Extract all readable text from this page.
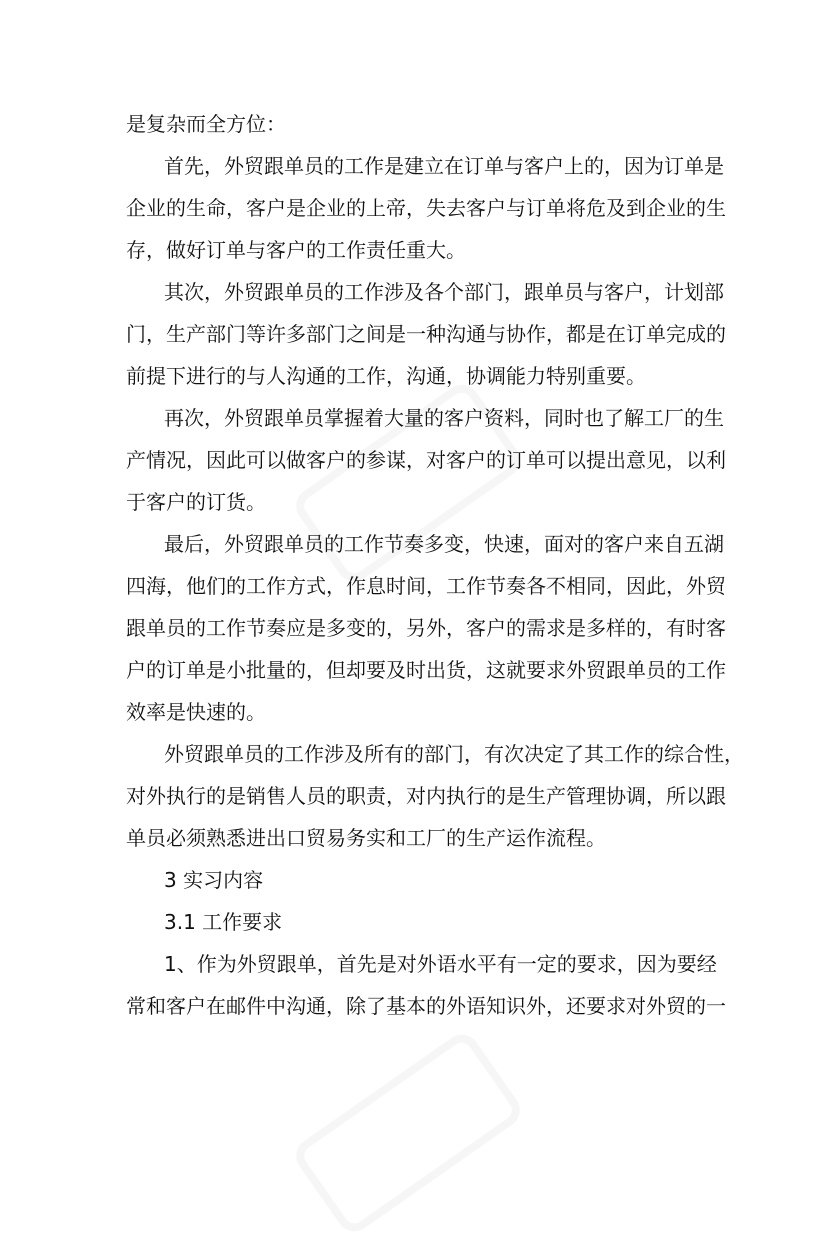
是复杂而全方位：
首先，外贸跟单员的工作是建立在订单与客户上的，因为订单是
企业的生命，客户是企业的上帝，失去客户与订单将危及到企业的生
存，做好订单与客户的工作责任重大。
其次，外贸跟单员的工作涉及各个部门，跟单员与客户，计划部
门，生产部门等许多部门之间是一种沟通与协作，都是在订单完成的
前提下进行的与人沟通的工作，沟通，协调能力特别重要。
再次，外贸跟单员掌握着大量的客户资料，同时也了解工厂的生
产情况，因此可以做客户的参谋，对客户的订单可以提出意见，以利
于客户的订货。
最后，外贸跟单员的工作节奏多变，快速，面对的客户来自五湖
四海，他们的工作方式，作息时间，工作节奏各不相同，因此，外贸
跟单员的工作节奏应是多变的，另外，客户的需求是多样的，有时客
户的订单是小批量的，但却要及时出货，这就要求外贸跟单员的工作
效率是快速的。
外贸跟单员的工作涉及所有的部门，有次决定了其工作的综合性，
对外执行的是销售人员的职责，对内执行的是生产管理协调，所以跟
单员必须熟悉进出口贸易务实和工厂的生产运作流程。
3 实习内容
3.1 工作要求
1、作为外贸跟单，首先是对外语水平有一定的要求，因为要经
常和客户在邮件中沟通，除了基本的外语知识外，还要求对外贸的一
